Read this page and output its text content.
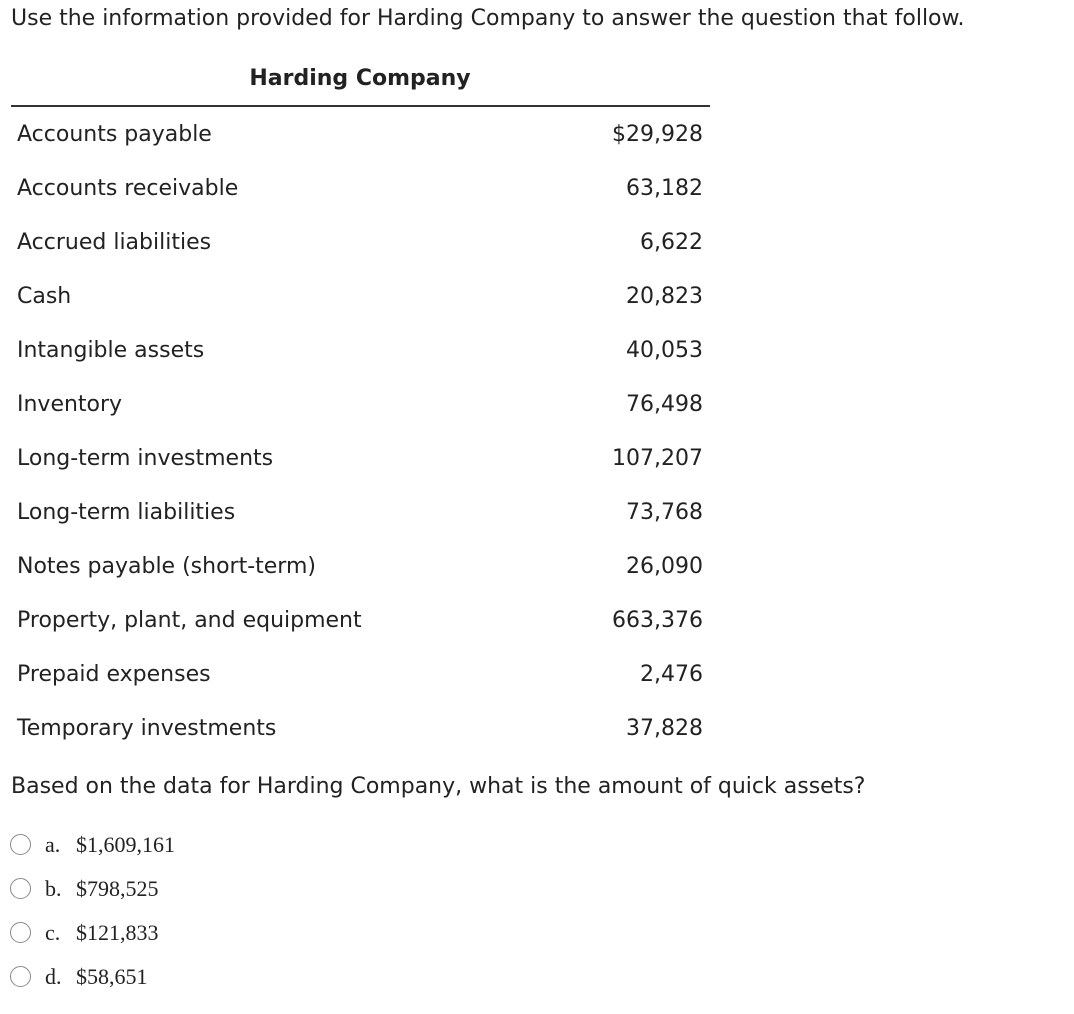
Use the information provided for Harding Company to answer the question that follow.
Harding Company
Accounts payable	$29,928
Accounts receivable	63,182
Accrued liabilities	6,622
Cash	20,823
Intangible assets	40,053
Inventory	76,498
Long-term investments	107,207
Long-term liabilities	73,768
Notes payable (short-term)	26,090
Property, plant, and equipment	663,376
Prepaid expenses	2,476
Temporary investments	37,828
Based on the data for Harding Company, what is the amount of quick assets?
a. $1,609,161
b. $798,525
c. $121,833
d. $58,651
